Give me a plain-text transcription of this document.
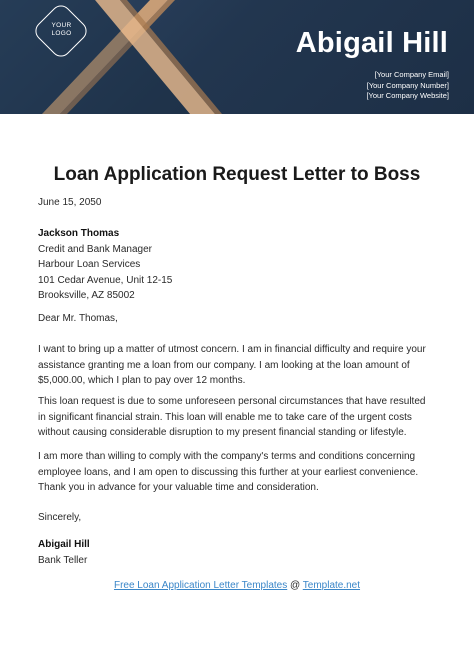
YOUR
LOGO	Abigail Hill
[Your Company Email]
[Your Company Number]
[Your Company Website]
Loan Application Request Letter to Boss
June 15, 2050

Jackson Thomas

Credit and Bank Manager

Harbour Loan Services

101 Cedar Avenue, Unit 12-15

Brooksville, AZ 85002

Dear Mr. Thomas,

I want to bring up a matter of utmost concern. I am in financial difficulty and require your

assistance granting me a loan from our company. I am looking at the loan amount of

$5,000.00, which I plan to pay over 12 months.

This loan request is due to some unforeseen personal circumstances that have resulted

in significant financial strain. This loan will enable me to take care of the urgent costs

without causing considerable disruption to my present financial standing or lifestyle.

I am more than willing to comply with the company's terms and conditions concerning

employee loans, and I am open to discussing this further at your earliest convenience.

Thank you in advance for your valuable time and consideration.

Sincerely,

Abigail Hill

Bank Teller

Free Loan Application Letter Templates @ Template.net
